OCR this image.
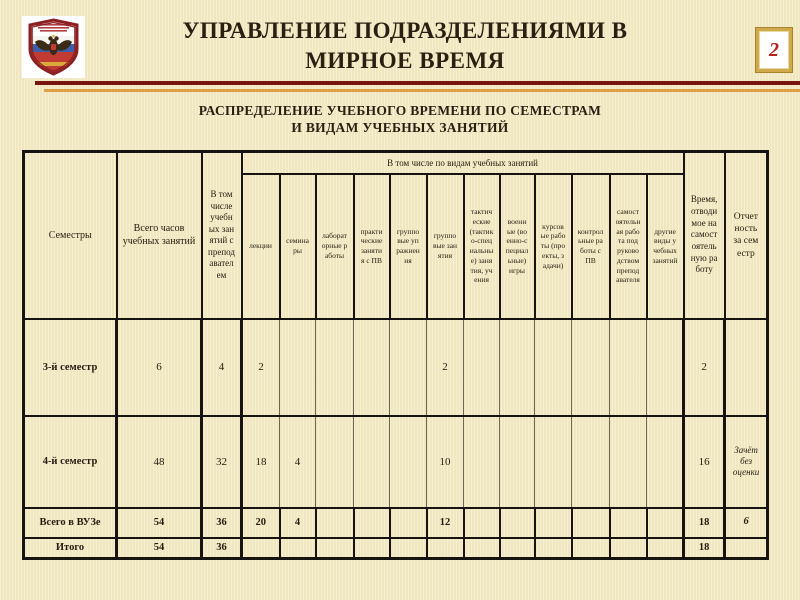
УПРАВЛЕНИЕ ПОДРАЗДЕЛЕНИЯМИ В
МИРНОЕ ВРЕМЯ	2
РАСПРЕДЕЛЕНИЕ УЧЕБНОГО ВРЕМЕНИ ПО СЕМЕСТРАМ
И ВИДАМ УЧЕБНЫХ ЗАНЯТИЙ
Семестры	Всего часов учебных занятий	В том числе учебных занятий с преподавателем	В том числе по видам учебных занятий												Время, отводимое на самостоятельную работу	Отчетность за семестр
			лекции	семинары	лабораторные работы	практические занятия с ПВ	групповые упражнения	групповые занятия	тактические (тактико-специальные) занятия, учения	военные (военно-специальные) игры	курсовые работы (проекты, задачи)	контрольные работы с ПВ	самостоятельная работа под руководством преподавателя	другие виды учебных занятий		
3-й семестр	6	4	2					2							2	
4-й семестр	48	32	18	4				10							16	Зачёт без оценки
Всего в ВУЗе	54	36	20	4				12							18	6
Итого	54	36													18	
